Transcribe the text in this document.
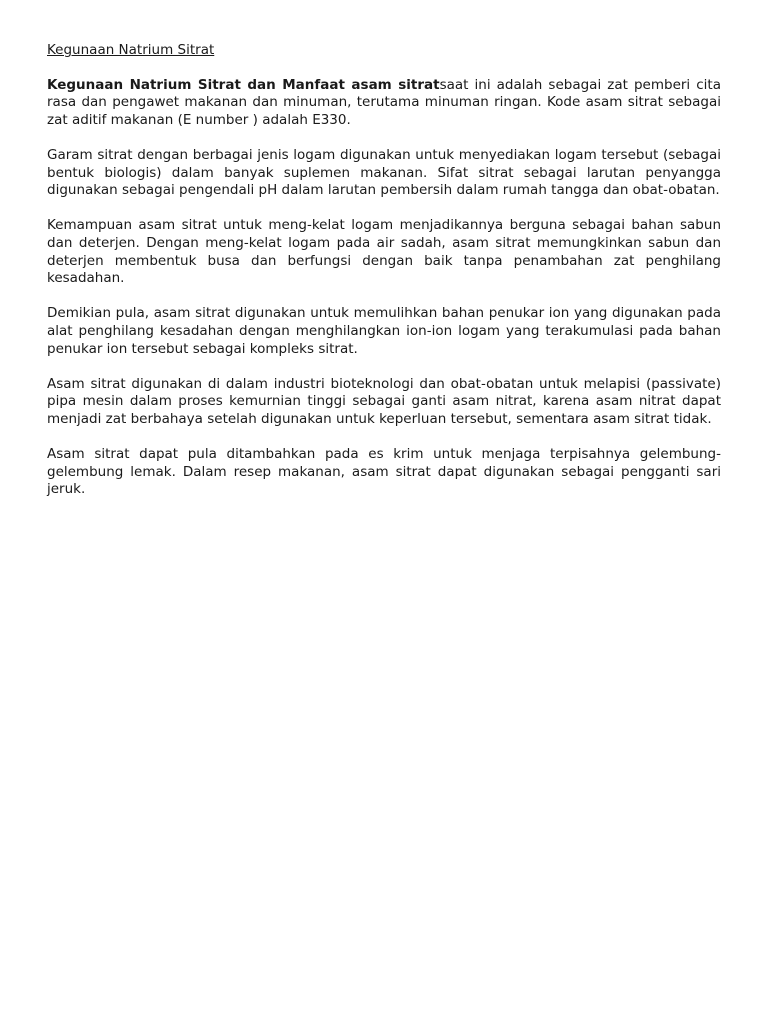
Kegunaan Natrium Sitrat

Kegunaan Natrium Sitrat dan Manfaat asam sitratsaat ini adalah sebagai zat pemberi cita rasa dan pengawet makanan dan minuman, terutama minuman ringan. Kode asam sitrat sebagai zat aditif makanan (E number ) adalah E330.

Garam sitrat dengan berbagai jenis logam digunakan untuk menyediakan logam tersebut (sebagai bentuk biologis) dalam banyak suplemen makanan. Sifat sitrat sebagai larutan penyangga digunakan sebagai pengendali pH dalam larutan pembersih dalam rumah tangga dan obat-obatan.

Kemampuan asam sitrat untuk meng-kelat logam menjadikannya berguna sebagai bahan sabun dan deterjen. Dengan meng-kelat logam pada air sadah, asam sitrat memungkinkan sabun dan deterjen membentuk busa dan berfungsi dengan baik tanpa penambahan zat penghilang kesadahan.

Demikian pula, asam sitrat digunakan untuk memulihkan bahan penukar ion yang digunakan pada alat penghilang kesadahan dengan menghilangkan ion-ion logam yang terakumulasi pada bahan penukar ion tersebut sebagai kompleks sitrat.

Asam sitrat digunakan di dalam industri bioteknologi dan obat-obatan untuk melapisi (passivate) pipa mesin dalam proses kemurnian tinggi sebagai ganti asam nitrat, karena asam nitrat dapat menjadi zat berbahaya setelah digunakan untuk keperluan tersebut, sementara asam sitrat tidak.

Asam sitrat dapat pula ditambahkan pada es krim untuk menjaga terpisahnya gelembung-gelembung lemak. Dalam resep makanan, asam sitrat dapat digunakan sebagai pengganti sari jeruk.
